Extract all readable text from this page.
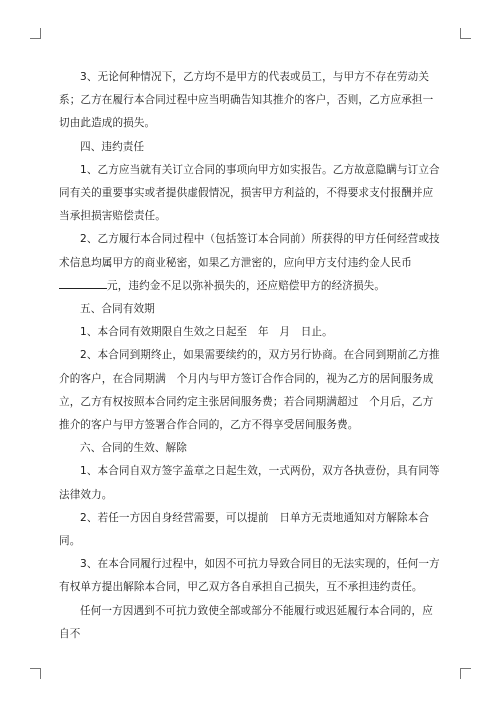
3、无论何种情况下，乙方均不是甲方的代表或员工，与甲方不存在劳动关系；乙方在履行本合同过程中应当明确告知其推介的客户，否则，乙方应承担一切由此造成的损失。

四、违约责任

1、乙方应当就有关订立合同的事项向甲方如实报告。乙方故意隐瞒与订立合同有关的重要事实或者提供虚假情况，损害甲方利益的，不得要求支付报酬并应当承担损害赔偿责任。

2、乙方履行本合同过程中（包括签订本合同前）所获得的甲方任何经营或技术信息均属甲方的商业秘密，如果乙方泄密的，应向甲方支付违约金人民币元，违约金不足以弥补损失的，还应赔偿甲方的经济损失。

五、合同有效期

1、本合同有效期限自生效之日起至　年　月　日止。

2、本合同到期终止，如果需要续约的，双方另行协商。在合同到期前乙方推介的客户，在合同期满　个月内与甲方签订合作合同的，视为乙方的居间服务成立，乙方有权按照本合同约定主张居间服务费；若合同期满超过　个月后，乙方推介的客户与甲方签署合作合同的，乙方不得享受居间服务费。

六、合同的生效、解除

1、本合同自双方签字盖章之日起生效，一式两份，双方各执壹份，具有同等法律效力。

2、若任一方因自身经营需要，可以提前　日单方无责地通知对方解除本合同。

3、在本合同履行过程中，如因不可抗力导致合同目的无法实现的，任何一方有权单方提出解除本合同，甲乙双方各自承担自己损失，互不承担违约责任。

任何一方因遇到不可抗力致使全部或部分不能履行或迟延履行本合同的，应自不
